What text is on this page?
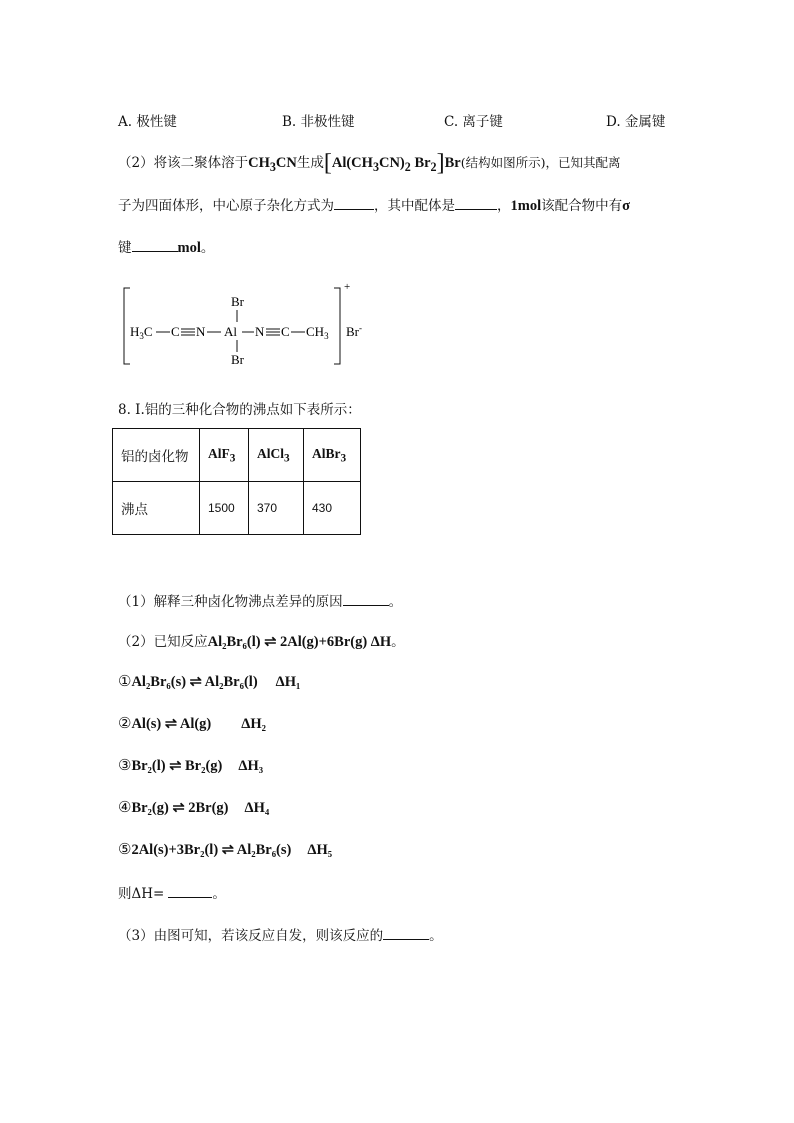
A. 极性键	B. 非极性键	C. 离子键	D. 金属键
（2）将该二聚体溶于$CH_3CN$生成[$Al(CH_3CN)_2$ $Br_2]Br$(结构如图所示)，已知其配离
子为四面体形，中心原子杂化方式为	，其中配体是	，1mol该配合物中有σ
键	mol。
+
Br
Br
$H_3C$ C N Al N C $CH_3$ Br-
8. I.铝的三种化合物的沸点如下表所示：
铝的卤化物	AlF$_3$	AlCl$_3$	AlBr$_3$
沸点	1500	370	430
（1）解释三种卤化物沸点差异的原因	。
（2）已知反应Al₂Br₆(l) ⇌ 2Al(g)+6Br(g) ΔH。
①Al₂Br₆(s) ⇌ Al₂Br₆(l) ΔH₁
②Al(s) ⇌ Al(g) ΔH₂
③Br₂(l) ⇌ Br₂(g) ΔH₃
④Br₂(g) ⇌ 2Br(g) ΔH₄
⑤2Al(s)+3Br₂(l) ⇌ Al₂Br₆(s) ΔH₅
则ΔH=	。
（3）由图可知，若该反应自发，则该反应的	。
